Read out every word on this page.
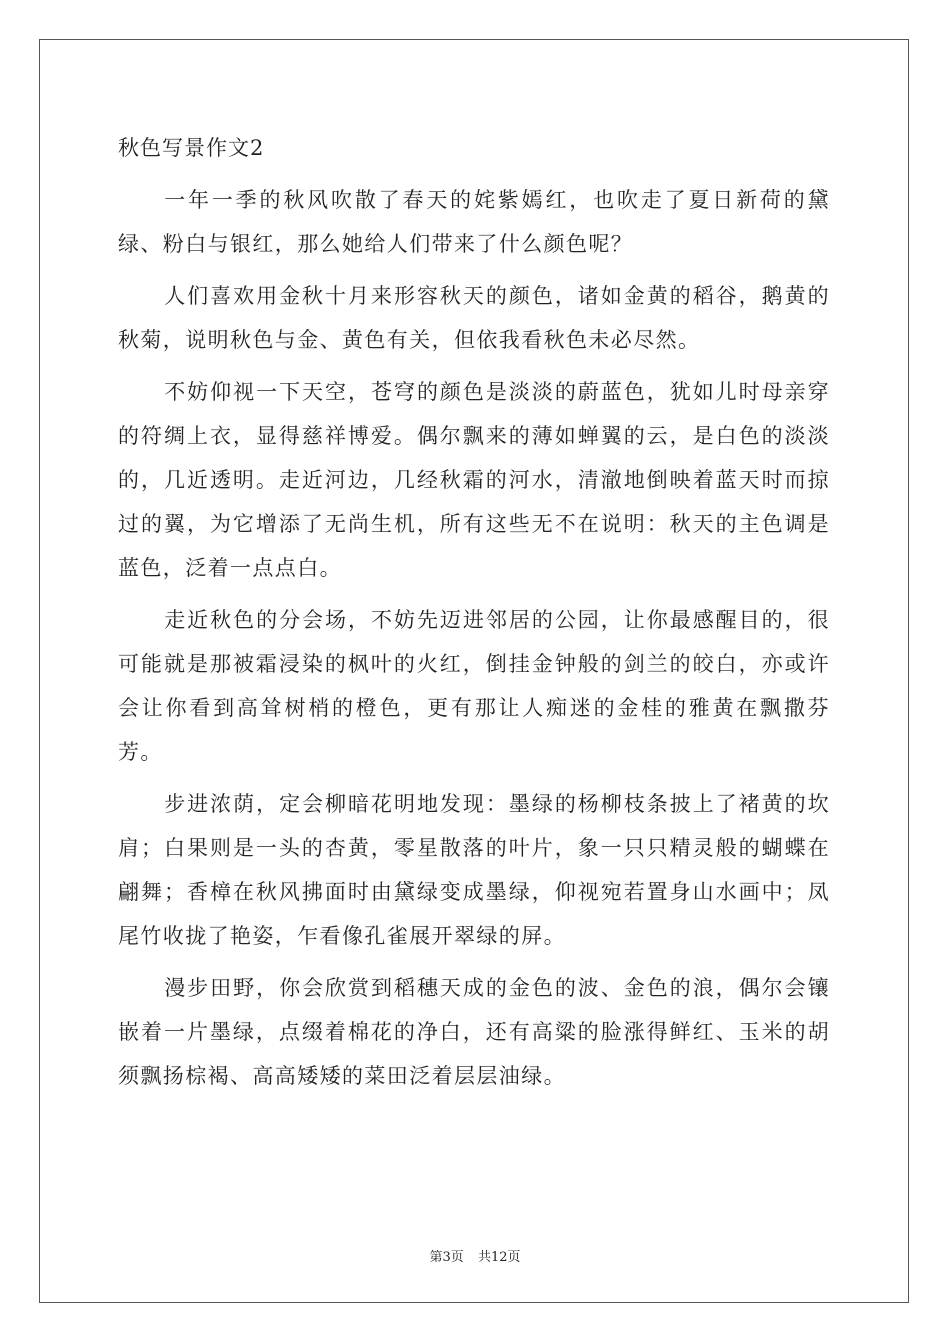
秋色写景作文2

一年一季的秋风吹散了春天的姹紫嫣红，也吹走了夏日新荷的黛绿、粉白与银红，那么她给人们带来了什么颜色呢？

人们喜欢用金秋十月来形容秋天的颜色，诸如金黄的稻谷，鹅黄的秋菊，说明秋色与金、黄色有关，但依我看秋色未必尽然。

不妨仰视一下天空，苍穹的颜色是淡淡的蔚蓝色，犹如儿时母亲穿的符绸上衣，显得慈祥博爱。偶尔飘来的薄如蝉翼的云，是白色的淡淡的，几近透明。走近河边，几经秋霜的河水，清澈地倒映着蓝天时而掠过的翼，为它增添了无尚生机，所有这些无不在说明：秋天的主色调是蓝色，泛着一点点白。

走近秋色的分会场，不妨先迈进邻居的公园，让你最感醒目的，很可能就是那被霜浸染的枫叶的火红，倒挂金钟般的剑兰的皎白，亦或许会让你看到高耸树梢的橙色，更有那让人痴迷的金桂的雅黄在飘撒芬芳。

步进浓荫，定会柳暗花明地发现：墨绿的杨柳枝条披上了褚黄的坎肩；白果则是一头的杏黄，零星散落的叶片，象一只只精灵般的蝴蝶在翩舞；香樟在秋风拂面时由黛绿变成墨绿，仰视宛若置身山水画中；凤尾竹收拢了艳姿，乍看像孔雀展开翠绿的屏。

漫步田野，你会欣赏到稻穗天成的金色的波、金色的浪，偶尔会镶嵌着一片墨绿，点缀着棉花的净白，还有高粱的脸涨得鲜红、玉米的胡须飘扬棕褐、高高矮矮的菜田泛着层层油绿。

第3页 共12页
